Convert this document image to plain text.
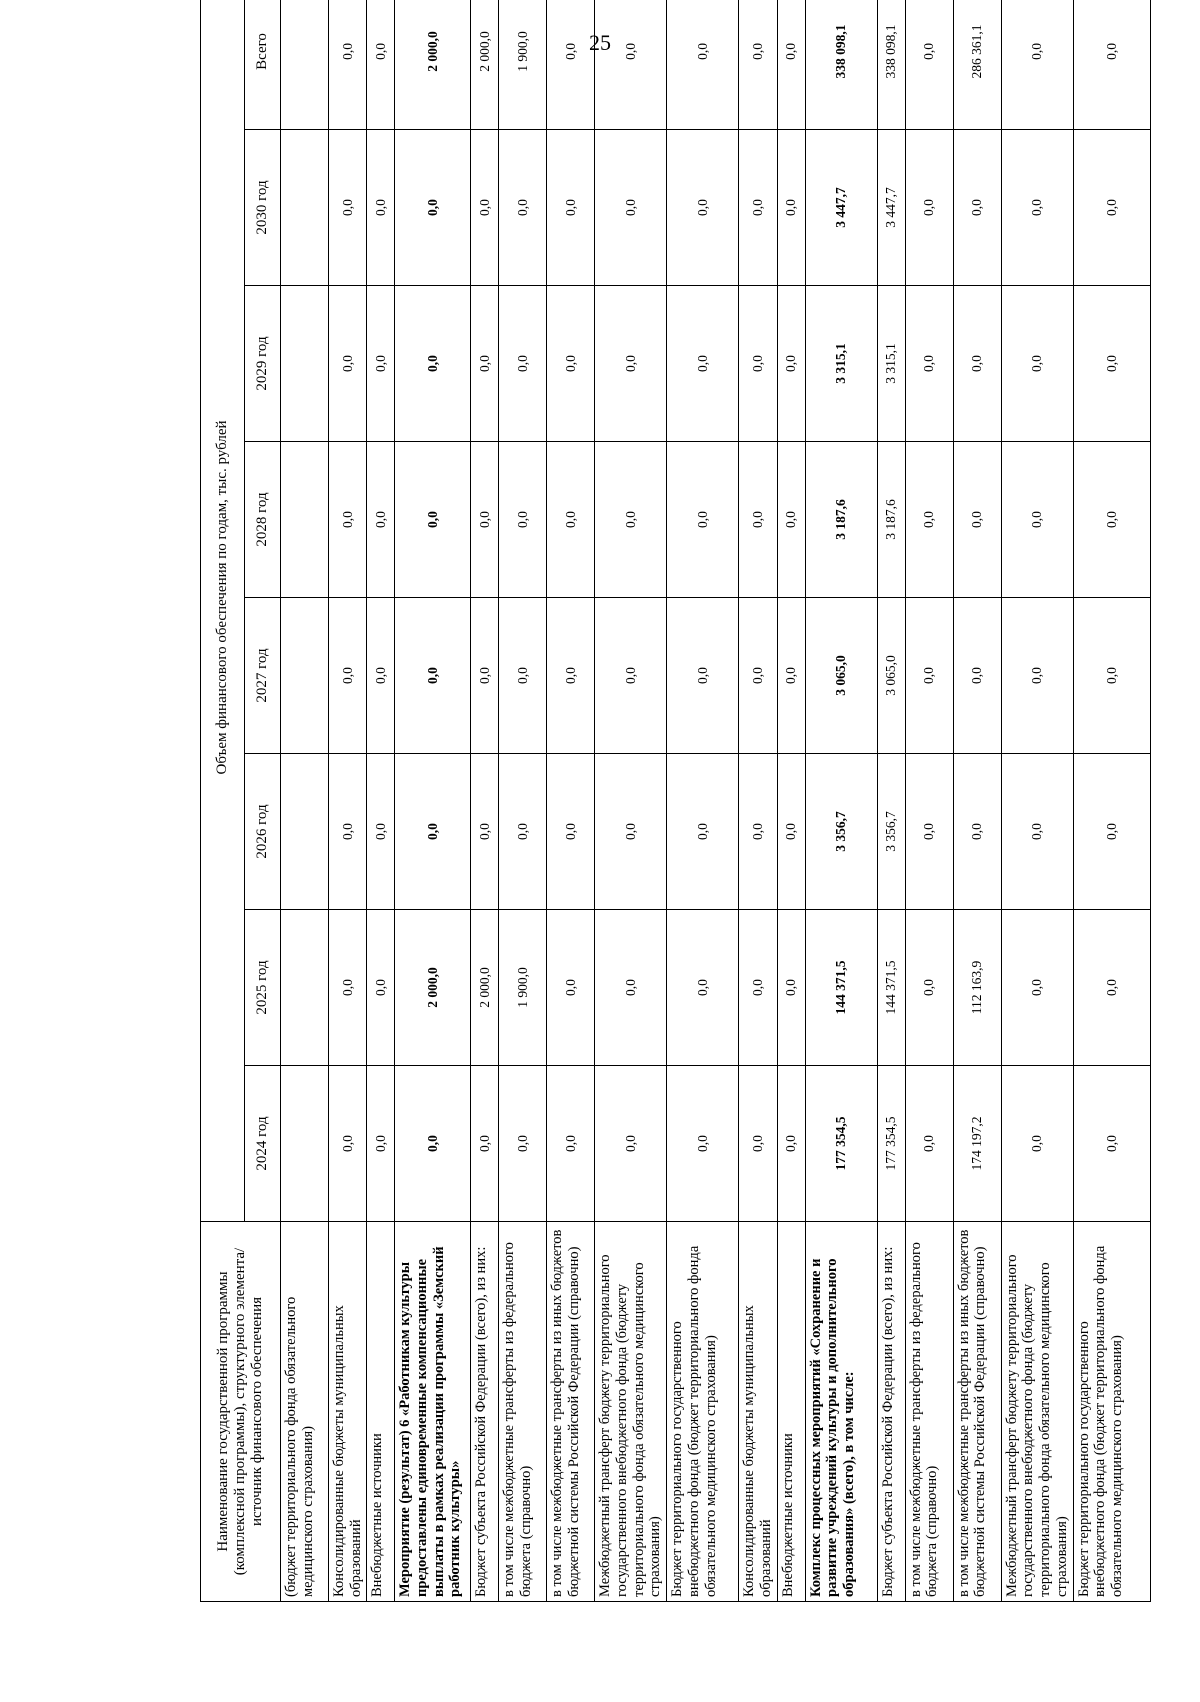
25
Наименование государственной программы (комплексной программы), структурного элемента/источник финансового обеспечения	Объем финансового обеспечения по годам, тыс. рублей							
	2024 год	2025 год	2026 год	2027 год	2028 год	2029 год	2030 год	Всего
(бюджет территориального фонда обязательного медицинского страхования)								
Консолидированные бюджеты муниципальных образований	0,0	0,0	0,0	0,0	0,0	0,0	0,0	0,0
Внебюджетные источники	0,0	0,0	0,0	0,0	0,0	0,0	0,0	0,0
Мероприятие (результат) 6 «Работникам культуры предоставлены единовременные компенсационные выплаты в рамках реализации программы «Земский работник культуры»	0,0	2 000,0	0,0	0,0	0,0	0,0	0,0	2 000,0
Бюджет субъекта Российской Федерации (всего), из них:	0,0	2 000,0	0,0	0,0	0,0	0,0	0,0	2 000,0
в том числе межбюджетные трансферты из федерального бюджета (справочно)	0,0	1 900,0	0,0	0,0	0,0	0,0	0,0	1 900,0
в том числе межбюджетные трансферты из иных бюджетов бюджетной системы Российской Федерации (справочно)	0,0	0,0	0,0	0,0	0,0	0,0	0,0	0,0
Межбюджетный трансферт бюджету территориального государственного внебюджетного фонда (бюджету территориального фонда обязательного медицинского страхования)	0,0	0,0	0,0	0,0	0,0	0,0	0,0	0,0
Бюджет территориального государственного внебюджетного фонда (бюджет территориального фонда обязательного медицинского страхования)	0,0	0,0	0,0	0,0	0,0	0,0	0,0	0,0
Консолидированные бюджеты муниципальных образований	0,0	0,0	0,0	0,0	0,0	0,0	0,0	0,0
Внебюджетные источники	0,0	0,0	0,0	0,0	0,0	0,0	0,0	0,0
Комплекс процессных мероприятий «Сохранение и развитие учреждений культуры и дополнительного образования» (всего), в том числе:	177 354,5	144 371,5	3 356,7	3 065,0	3 187,6	3 315,1	3 447,7	338 098,1
Бюджет субъекта Российской Федерации (всего), из них:	177 354,5	144 371,5	3 356,7	3 065,0	3 187,6	3 315,1	3 447,7	338 098,1
в том числе межбюджетные трансферты из федерального бюджета (справочно)	0,0	0,0	0,0	0,0	0,0	0,0	0,0	0,0
в том числе межбюджетные трансферты из иных бюджетов бюджетной системы Российской Федерации (справочно)	174 197,2	112 163,9	0,0	0,0	0,0	0,0	0,0	286 361,1
Межбюджетный трансферт бюджету территориального государственного внебюджетного фонда (бюджету территориального фонда обязательного медицинского страхования)	0,0	0,0	0,0	0,0	0,0	0,0	0,0	0,0
Бюджет территориального государственного внебюджетного фонда (бюджет территориального фонда обязательного медицинского страхования)	0,0	0,0	0,0	0,0	0,0	0,0	0,0	0,0
